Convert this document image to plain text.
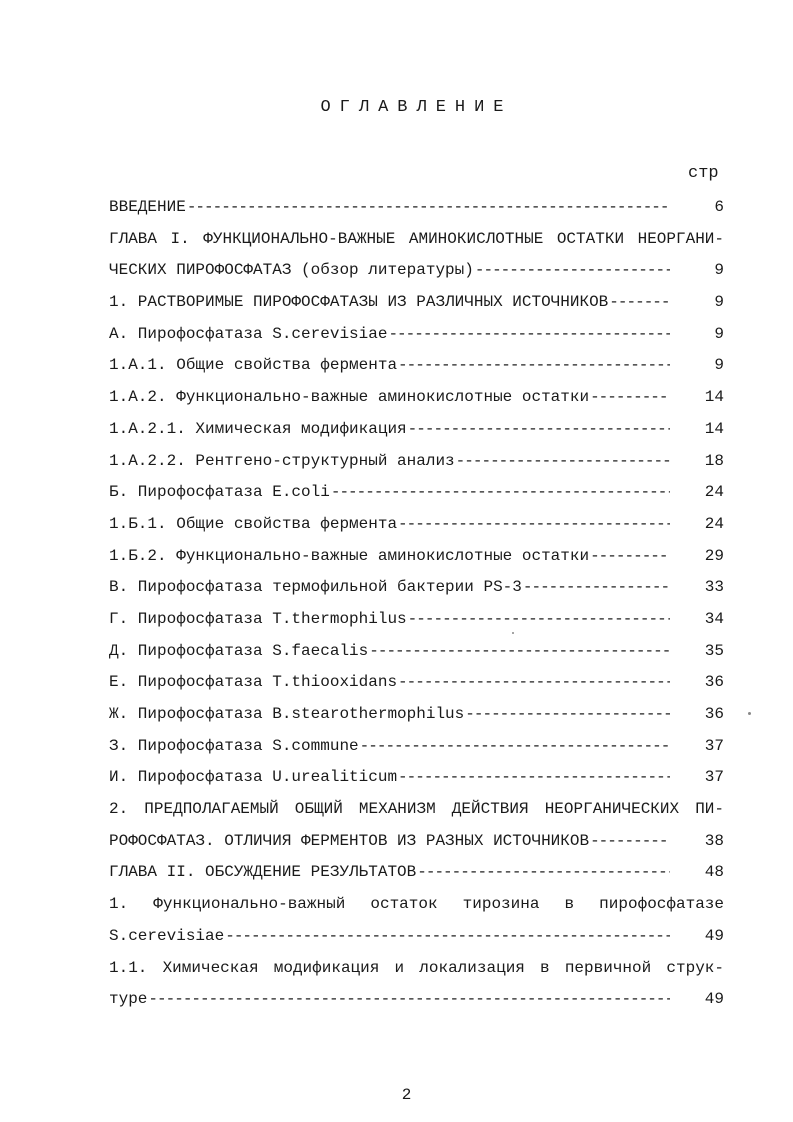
ОГЛАВЛЕНИЕ
стр
ВВЕДЕНИЕ -----	6
ГЛАВА I. ФУНКЦИОНАЛЬНО-ВАЖНЫЕ АМИНОКИСЛОТНЫЕ ОСТАТКИ НЕОРГАНИ-
ЧЕСКИХ ПИРОФОСФАТАЗ (обзор литературы) -----	9
1. РАСТВОРИМЫЕ ПИРОФОСФАТАЗЫ ИЗ РАЗЛИЧНЫХ ИСТОЧНИКОВ -----	9
А. Пирофосфатаза S.cerevisiae -----	9
1.А.1. Общие свойства фермента -----	9
1.А.2. Функционально-важные аминокислотные остатки -----	14
1.А.2.1. Химическая модификация -----	14
1.А.2.2. Рентгено-структурный анализ -----	18
Б. Пирофосфатаза E.coli -----	24
1.Б.1. Общие свойства фермента -----	24
1.Б.2. Функционально-важные аминокислотные остатки -----	29
В. Пирофосфатаза термофильной бактерии PS-3 -----	33
Г. Пирофосфатаза T.thermophilus -----	34
Д. Пирофосфатаза S.faecalis -----	35
Е. Пирофосфатаза T.thiooxidans -----	36
Ж. Пирофосфатаза B.stearothermophilus -----	36
З. Пирофосфатаза S.commune -----	37
И. Пирофосфатаза U.urealiticum -----	37
2. ПРЕДПОЛАГАЕМЫЙ ОБЩИЙ МЕХАНИЗМ ДЕЙСТВИЯ НЕОРГАНИЧЕСКИХ ПИ-
РОФОСФАТАЗ. ОТЛИЧИЯ ФЕРМЕНТОВ ИЗ РАЗНЫХ ИСТОЧНИКОВ -----	38
ГЛАВА II. ОБСУЖДЕНИЕ РЕЗУЛЬТАТОВ -----	48
1. Функционально-важный остаток тирозина в пирофосфатазе
S.cerevisiae -----	49
1.1. Химическая модификация и локализация в первичной струк-
туре -----	49
2
